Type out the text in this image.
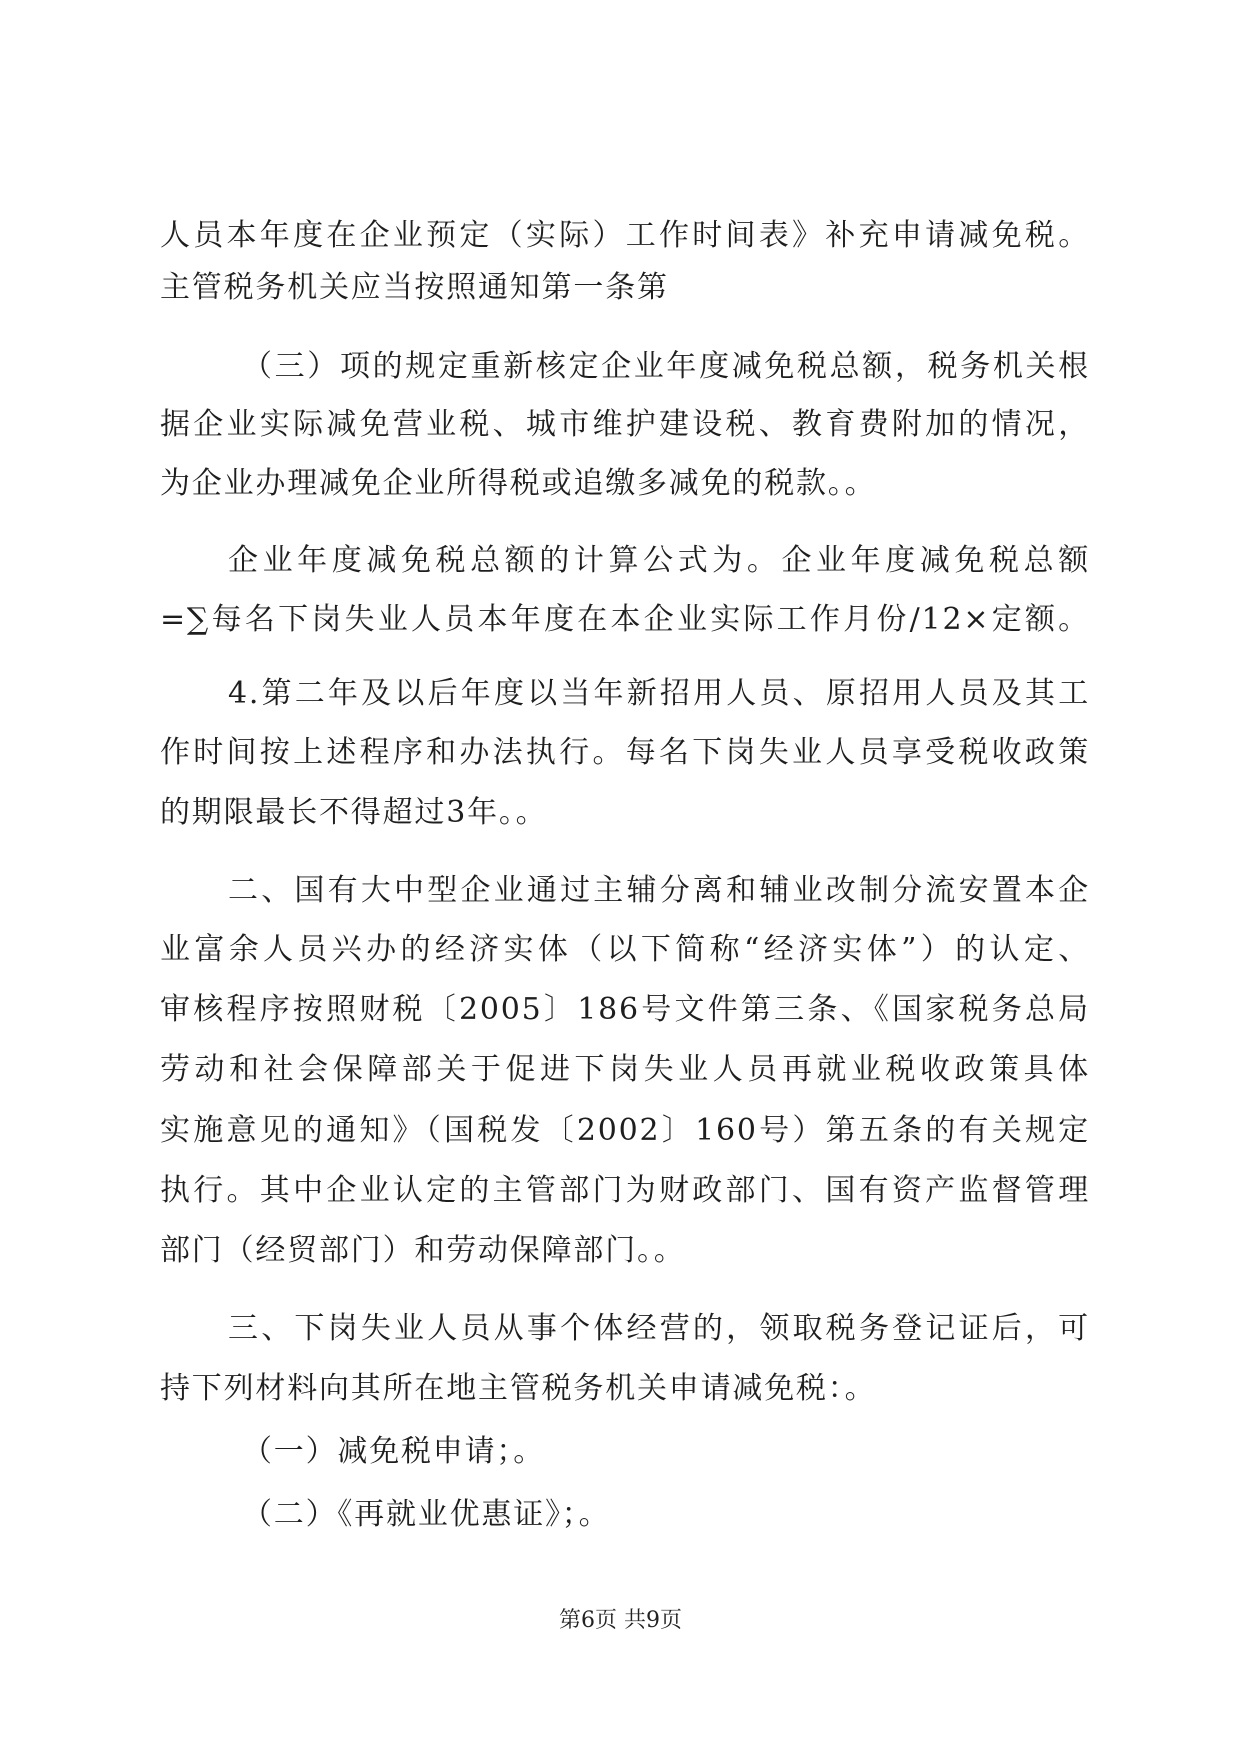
人员本年度在企业预定（实际）工作时间表》补充申请减免税。
主管税务机关应当按照通知第一条第
（三）项的规定重新核定企业年度减免税总额，税务机关根
据企业实际减免营业税、城市维护建设税、教育费附加的情况，
为企业办理减免企业所得税或追缴多减免的税款。。
企业年度减免税总额的计算公式为。企业年度减免税总额
=∑每名下岗失业人员本年度在本企业实际工作月份/12×定额。
4.第二年及以后年度以当年新招用人员、原招用人员及其工
作时间按上述程序和办法执行。每名下岗失业人员享受税收政策
的期限最长不得超过3年。。
二、国有大中型企业通过主辅分离和辅业改制分流安置本企
业富余人员兴办的经济实体（以下简称“经济实体”）的认定、
审核程序按照财税〔2005〕186号文件第三条、《国家税务总局
劳动和社会保障部关于促进下岗失业人员再就业税收政策具体
实施意见的通知》（国税发〔2002〕160号）第五条的有关规定
执行。其中企业认定的主管部门为财政部门、国有资产监督管理
部门（经贸部门）和劳动保障部门。。
三、下岗失业人员从事个体经营的，领取税务登记证后，可
持下列材料向其所在地主管税务机关申请减免税：。
（一）减免税申请；。
（二）《再就业优惠证》；。
第6页 共9页
